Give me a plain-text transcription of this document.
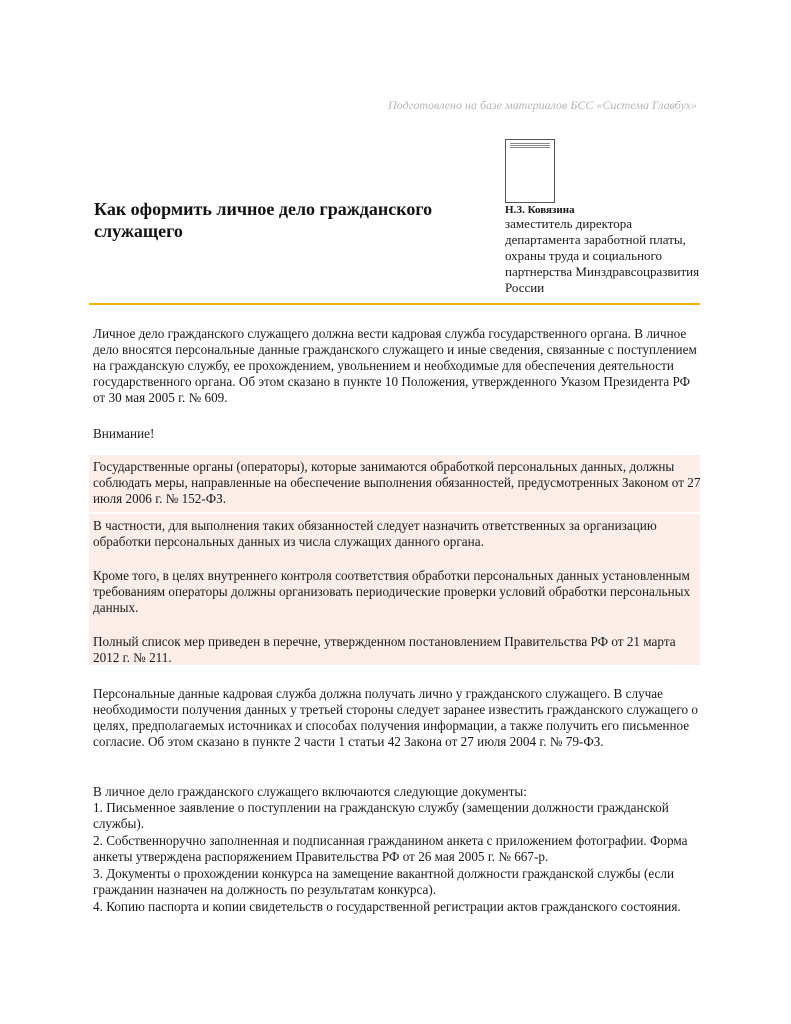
Подготовлено на базе материалов БСС «Система Главбух»
Как оформить личное дело гражданского служащего
Н.З. Ковязина
заместитель директора департамента заработной платы, охраны труда и социального партнерства Минздравсоцразвития России

Личное дело гражданского служащего должна вести кадровая служба государственного органа. В личное дело вносятся персональные данные гражданского служащего и иные сведения, связанные с поступлением на гражданскую службу, ее прохождением, увольнением и необходимые для обеспечения деятельности государственного органа. Об этом сказано в пункте 10 Положения, утвержденного Указом Президента РФ от 30 мая 2005 г. № 609.

Внимание!

Государственные органы (операторы), которые занимаются обработкой персональных данных, должны соблюдать меры, направленные на обеспечение выполнения обязанностей, предусмотренных Законом от 27 июля 2006 г. № 152-ФЗ.

В частности, для выполнения таких обязанностей следует назначить ответственных за организацию обработки персональных данных из числа служащих данного органа.

Кроме того, в целях внутреннего контроля соответствия обработки персональных данных установленным требованиям операторы должны организовать периодические проверки условий обработки персональных данных.

Полный список мер приведен в перечне, утвержденном постановлением Правительства РФ от 21 марта 2012 г. № 211.

Персональные данные кадровая служба должна получать лично у гражданского служащего. В случае необходимости получения данных у третьей стороны следует заранее известить гражданского служащего о целях, предполагаемых источниках и способах получения информации, а также получить его письменное согласие. Об этом сказано в пункте 2 части 1 статьи 42 Закона от 27 июля 2004 г. № 79-ФЗ.

В личное дело гражданского служащего включаются следующие документы:

1. Письменное заявление о поступлении на гражданскую службу (замещении должности гражданской службы).

2. Собственноручно заполненная и подписанная гражданином анкета с приложением фотографии. Форма анкеты утверждена распоряжением Правительства РФ от 26 мая 2005 г. № 667-р.

3. Документы о прохождении конкурса на замещение вакантной должности гражданской службы (если гражданин назначен на должность по результатам конкурса).

4. Копию паспорта и копии свидетельств о государственной регистрации актов гражданского состояния.
